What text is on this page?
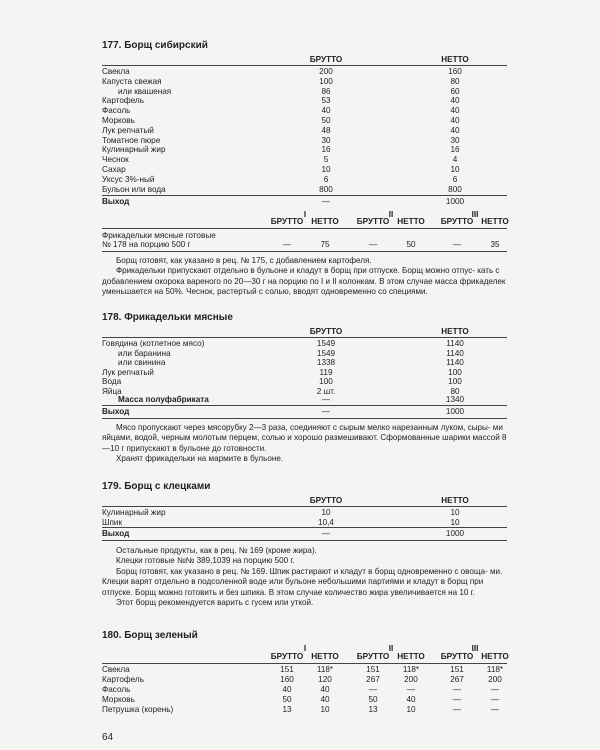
177. Борщ сибирский
БРУТТО	НЕТТО
Свекла	200	160
Капуста свежая	100	80
или квашеная	86	60
Картофель	53	40
Фасоль	40	40
Морковь	50	40
Лук репчатый	48	40
Томатное пюре	30	30
Кулинарный жир	16	16
Чеснок	5	4
Сахар	10	10
Уксус 3%-ный	6	6
Бульон или вода	800	800
Выход	—	1000
I	II	III
БРУТТО НЕТТО БРУТТО НЕТТО БРУТТО НЕТТО
Фрикадельки мясные готовые
№ 178 на порцию 500 г	—	75	—	50	—	35
Борщ готовят, как указано в рец. № 175, с добавлением картофеля.
Фрикадельки припускают отдельно в бульоне и кладут в борщ при отпуске. Борщ можно отпус- кать с добавлением окорока вареного по 20—30 г на порцию по I и II колонкам. В этом случае масса фрикаделек уменьшается на 50%. Чеснок, растертый с солью, вводят одновременно со специями.
178. Фрикадельки мясные
БРУТТО	НЕТТО
Говядина (котлетное мясо)	1549	1140
или баранина	1549	1140
или свинина	1338	1140
Лук репчатый	119	100
Вода	100	100
Яйца	2 шт.	80
Масса полуфабриката	—	1340
Выход	—	1000
Мясо пропускают через мясорубку 2—3 раза, соединяют с сырым мелко нарезанным луком, сыры- ми яйцами, водой, черным молотым перцем, солью и хорошо размешивают. Сформованные шарики массой 8—10 г припускают в бульоне до готовности.
Хранят фрикадельки на мармите в бульоне.
179. Борщ с клецками
БРУТТО	НЕТТО
Кулинарный жир	10	10
Шпик	10,4	10
Выход	—	1000
Остальные продукты, как в рец. № 169 (кроме жира).
Клецки готовые №№ 389,1039 на порцию 500 г.
Борщ готовят, как указано в рец. № 169. Шпик растирают и кладут в борщ одновременно с овоща- ми. Клецки варят отдельно в подсоленной воде или бульоне небольшими партиями и кладут в борщ при отпуске. Борщ можно готовить и без шпика. В этом случае количество жира увеличивается на 10 г.
Этот борщ рекомендуется варить с гусем или уткой.
180. Борщ зеленый
I	II	III
БРУТТО НЕТТО БРУТТО НЕТТО БРУТТО НЕТТО
Свекла	151	118*	151	118*	151	118*
Картофель	160	120	267	200	267	200
Фасоль	40	40	—	—	—	—
Морковь	50	40	50	40	—	—
Петрушка (корень)	13	10	13	10	—	—
64
